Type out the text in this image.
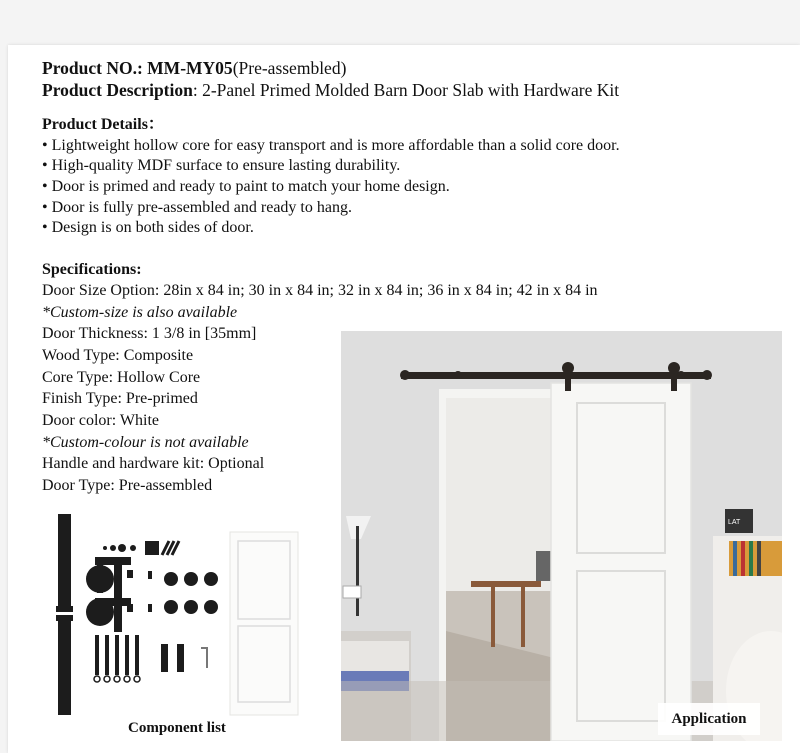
Product NO.: MM-MY05(Pre-assembled)
Product Description: 2-Panel Primed Molded Barn Door Slab with Hardware Kit
Product Details：
• Lightweight hollow core for easy transport and is more affordable than a solid core door.
• High-quality MDF surface to ensure lasting durability.
• Door is primed and ready to paint to match your home design.
• Door is fully pre-assembled and ready to hang.
• Design is on both sides of door.
Specifications:
Door Size Option: 28in x 84 in; 30 in x 84 in; 32 in x 84 in; 36 in x 84 in; 42 in x 84 in
*Custom-size is also available
Door Thickness: 1 3/8 in [35mm]
Wood Type: Composite
Core Type: Hollow Core
Finish Type: Pre-primed
Door color: White
*Custom-colour is not available
Handle and hardware kit: Optional
Door Type: Pre-assembled
Component list
LAT
Application
